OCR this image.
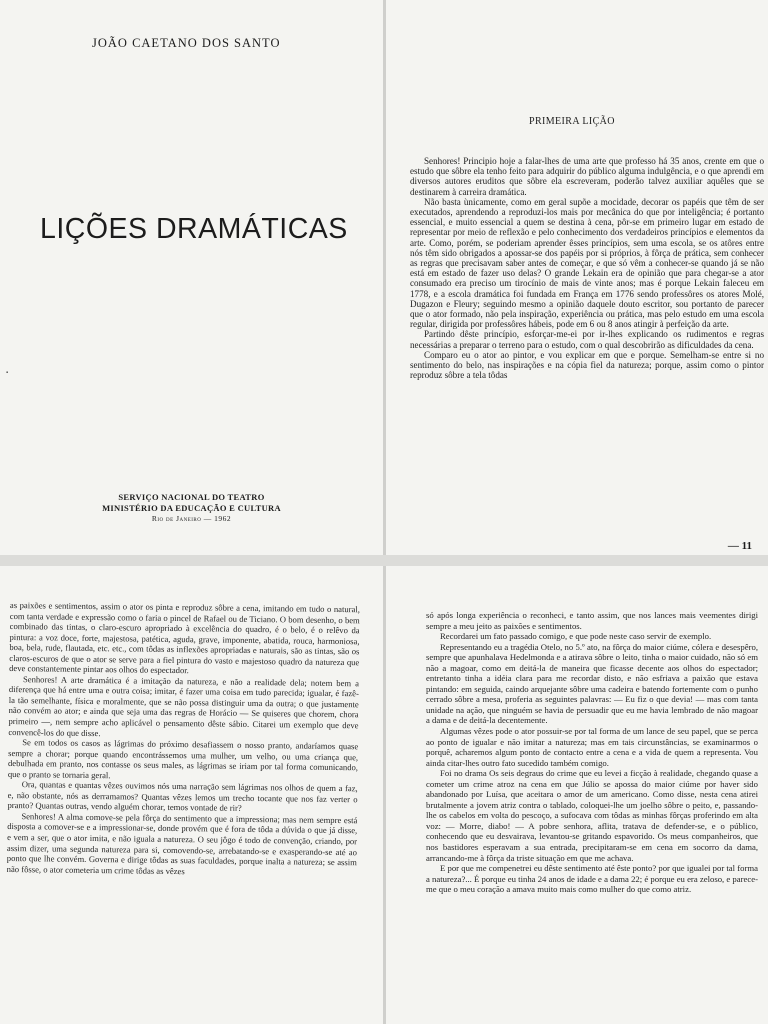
JOÃO CAETANO DOS SANTO
LIÇÕES DRAMÁTICAS
▪
SERVIÇO NACIONAL DO TEATRO
MINISTÉRIO DA EDUCAÇÃO E CULTURA
Rio de Janeiro — 1962
PRIMEIRA LIÇÃO

Senhores! Principio hoje a falar-lhes de uma arte que professo há 35 anos, crente em que o estudo que sôbre ela tenho feito para adquirir do público alguma indulgência, e o que aprendi em diversos autores eruditos que sôbre ela escreveram, poderão talvez auxiliar aquêles que se destinarem à carreira dramática.

Não basta ùnicamente, como em geral supõe a mocidade, decorar os papéis que têm de ser executados, aprendendo a reproduzi-los mais por mecânica do que por inteligência; é portanto essencial, e muito essencial a quem se destina à cena, pôr-se em primeiro lugar em estado de representar por meio de reflexão e pelo conhecimento dos verdadeiros princípios e elementos da arte. Como, porém, se poderiam aprender êsses princípios, sem uma escola, se os atôres entre nós têm sido obrigados a apossar-se dos papéis por si próprios, à fôrça de prática, sem conhecer as regras que precisavam saber antes de começar, e que só vêm a conhecer-se quando já se não está em estado de fazer uso delas? O grande Lekain era de opinião que para chegar-se a ator consumado era preciso um tirocínio de mais de vinte anos; mas é porque Lekain faleceu em 1778, e a escola dramática foi fundada em França em 1776 sendo professôres os atores Molé, Dugazon e Fleury; seguindo mesmo a opinião daquele douto escritor, sou portanto de parecer que o ator formado, não pela inspiração, experiência ou prática, mas pelo estudo em uma escola regular, dirigida por professôres hábeis, pode em 6 ou 8 anos atingir à perfeição da arte.

Partindo dêste princípio, esforçar-me-ei por ir-lhes explicando os rudimentos e regras necessárias a preparar o terreno para o estudo, com o qual descobrirão as dificuldades da cena.

Comparo eu o ator ao pintor, e vou explicar em que e porque. Semelham-se entre si no sentimento do belo, nas inspirações e na cópia fiel da natureza; porque, assim como o pintor reproduz sôbre a tela tôdas

— 11

as paixões e sentimentos, assim o ator os pinta e reproduz sôbre a cena, imitando em tudo o natural, com tanta verdade e expressão como o faria o pincel de Rafael ou de Ticiano. O bom desenho, o bem combinado das tintas, o claro-escuro apropriado à excelência do quadro, é o belo, é o relêvo da pintura: a voz doce, forte, majestosa, patética, aguda, grave, imponente, abatida, rouca, harmoniosa, boa, bela, rude, flautada, etc. etc., com tôdas as inflexões apropriadas e naturais, são as tintas, são os claros-escuros de que o ator se serve para a fiel pintura do vasto e majestoso quadro da natureza que deve constantemente pintar aos olhos do espectador.

Senhores! A arte dramática é a imitação da natureza, e não a realidade dela; notem bem a diferença que há entre uma e outra coisa; imitar, é fazer uma coisa em tudo parecida; igualar, é fazê-la tão semelhante, física e moralmente, que se não possa distinguir uma da outra; o que justamente não convém ao ator; e ainda que seja uma das regras de Horácio — Se quiseres que chorem, chora primeiro —, nem sempre acho aplicável o pensamento dêste sábio. Citarei um exemplo que deve convencê-los do que disse.

Se em todos os casos as lágrimas do próximo desafiassem o nosso pranto, andaríamos quase sempre a chorar; porque quando encontrássemos uma mulher, um velho, ou uma criança que, debulhada em pranto, nos contasse os seus males, as lágrimas se iriam por tal forma comunicando, que o pranto se tornaria geral.

Ora, quantas e quantas vêzes ouvimos nós uma narração sem lágrimas nos olhos de quem a faz, e, não obstante, nós as derramamos? Quantas vêzes lemos um trecho tocante que nos faz verter o pranto? Quantas outras, vendo alguém chorar, temos vontade de rir?

Senhores! A alma comove-se pela fôrça do sentimento que a impressiona; mas nem sempre está disposta a comover-se e a impressionar-se, donde provém que é fora de tôda a dúvida o que já disse, e vem a ser, que o ator imita, e não iguala a natureza. O seu jôgo é todo de convenção, criando, por assim dizer, uma segunda natureza para si, comovendo-se, arrebatando-se e exasperando-se até ao ponto que lhe convém. Governa e dirige tôdas as suas faculdades, porque inalta a natureza; se assim não fôsse, o ator cometeria um crime tôdas as vêzes

só após longa experiência o reconheci, e tanto assim, que nos lances mais veementes dirigi sempre a meu jeito as paixões e sentimentos.

Recordarei um fato passado comigo, e que pode neste caso servir de exemplo.

Representando eu a tragédia Otelo, no 5.º ato, na fôrça do maior ciúme, cólera e desespêro, sempre que apunhalava Hedelmonda e a atirava sôbre o leito, tinha o maior cuidado, não só em não a magoar, como em deitá-la de maneira que ficasse decente aos olhos do espectador; entretanto tinha a idéia clara para me recordar disto, e não esfriava a paixão que estava pintando: em seguida, caindo arquejante sôbre uma cadeira e batendo fortemente com o punho cerrado sôbre a mesa, proferia as seguintes palavras: — Eu fiz o que devia! — mas com tanta unidade na ação, que ninguém se havia de persuadir que eu me havia lembrado de não magoar a dama e de deitá-la decentemente.

Algumas vêzes pode o ator possuir-se por tal forma de um lance de seu papel, que se perca ao ponto de igualar e não imitar a natureza; mas em tais circunstâncias, se examinarmos o porquê, acharemos algum ponto de contacto entre a cena e a vida de quem a representa. Vou ainda citar-lhes outro fato sucedido também comigo.

Foi no drama Os seis degraus do crime que eu levei a ficção à realidade, chegando quase a cometer um crime atroz na cena em que Júlio se apossa do maior ciúme por haver sido abandonado por Luísa, que aceitara o amor de um americano. Como disse, nesta cena atirei brutalmente a jovem atriz contra o tablado, coloquei-lhe um joelho sôbre o peito, e, passando-lhe os cabelos em volta do pescoço, a sufocava com tôdas as minhas fôrças proferindo em alta voz: — Morre, diabo! — A pobre senhora, aflita, tratava de defender-se, e o público, conhecendo que eu desvairava, levantou-se gritando espavorido. Os meus companheiros, que nos bastidores esperavam a sua entrada, precipitaram-se em cena em socorro da dama, arrancando-me à fôrça da triste situação em que me achava.

E por que me compenetrei eu dêste sentimento até êste ponto? por que igualei por tal forma a natureza?... É porque eu tinha 24 anos de idade e a dama 22; é porque eu era zeloso, e parece-me que o meu coração a amava muito mais como mulher do que como atriz.
